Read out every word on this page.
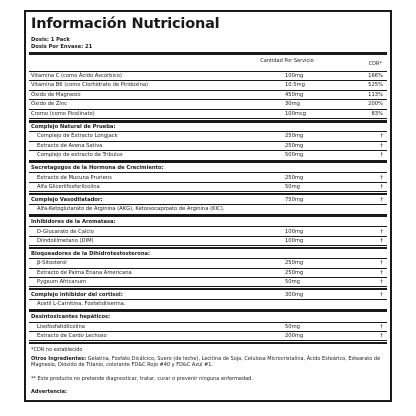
Información Nutricional
Dosis: 1 Pack
Dosis Por Envase: 21
Cantidad Por Servicio	CDR*
Vitamina C (como Ácido Ascórbico)	100mg	166%
Vitamina B6 (como Clorhidrato de Piridoxina)	10.5mg	525%
Óxido de Magnesio	450mg	113%
Óxido de Zinc	30mg	200%
Cromo (como Picolinato)	100mcg	83%
Complejo Natural de Prueba:
Complejo de Extracto Longjack	250mg	†
Extracto de Avena Sativa	250mg	†
Complejo de extracto de Tribulus	500mg	†
Secretagogos de la Hormona de Crecimiento:
Extracto de Mucuna Pruriens	250mg	†
Alfa Glicerilfosforilcolina	50mg	†
Complejo Vasodilatador:	750mg	†
Alfa-Ketoglutarato de Arginina (AKG), Ketoisocaproato de Arginina (KIC).
Inhibidores de la Aromatasa:
D-Glucarato de Calcio	100mg	†
Diindolilmetano (DIM)	100mg	†
Bloqueadores de la Dihidrotestosterona:
β-Sitosterol	250mg	†
Extracto de Palma Enana Americana	250mg	†
Pygeum Africanum	50mg	†
Complejo inhibidor del cortisol:	300mg	†
Acetil L-Carnitina, Fosfatidilserina.
Desintoxicantes hepáticos:
Lisofosfatidilcolina	50mg	†
Extracto de Cardo Lechoso	200mg	†
*CDR no establecido
Otros Ingredientes: Gelatina, Fosfato Dicálcico, Suero (de leche), Lecitina de Soja, Celulosa Microcristalina, Ácido Esteárico, Estearato de Magnesio, Dióxido de Titanio, colorante FD&C Rojo #40 y FD&C Azul #1.
** Este producto no pretende diagnosticar, tratar, curar o prevenir ninguna enfermedad.
Advertencia:
